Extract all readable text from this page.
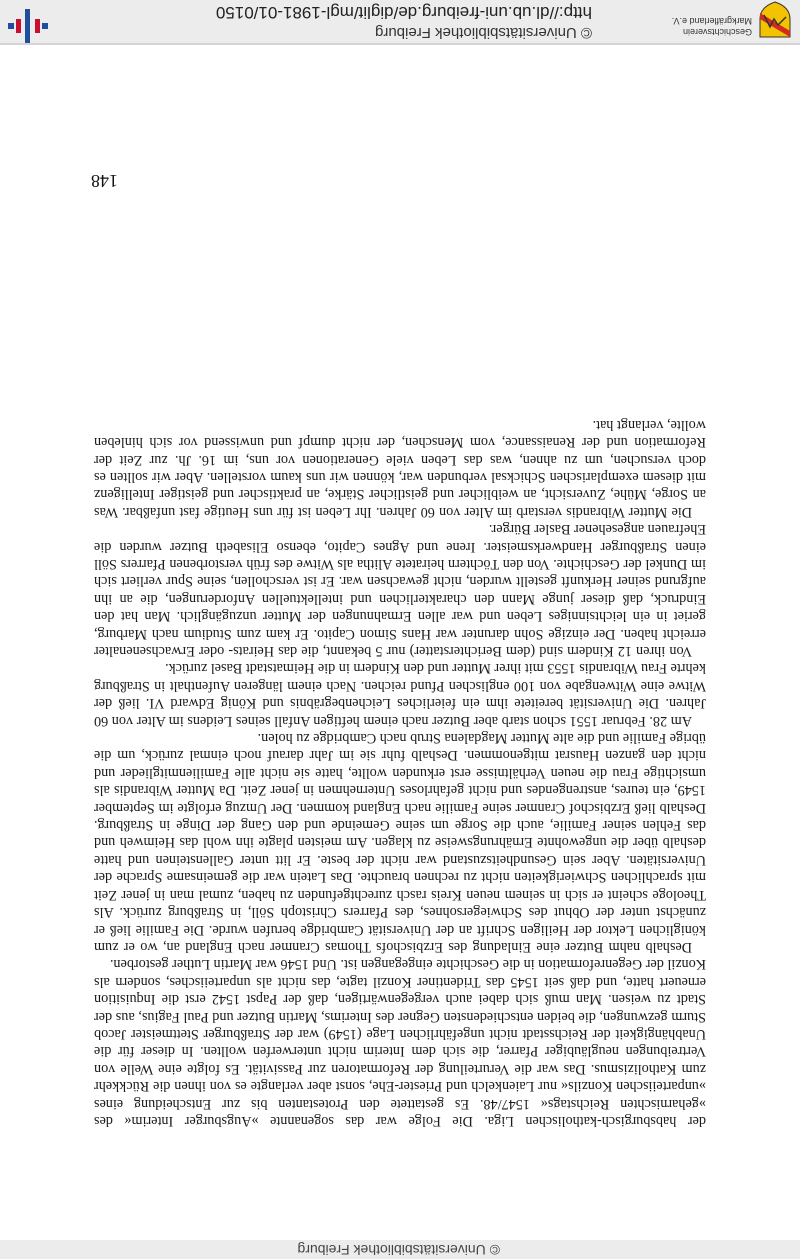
Geschichtsverein
Markgräflerland e.V.
© Universitätsbibliothek Freiburg
http://dl.ub.uni-freiburg.de/diglit/mgl-1981-01/0150
© Universitätsbibliothek Freiburg

der habsburgisch-katholischen Liga. Die Folge war das sogenannte »Augsburger Interim« des »geharnischten Reichstags« 1547/48. Es gestattete den Protestanten bis zur Entscheidung eines »unparteiischen Konzils« nur Laienkelch und Priester-Ehe, sonst aber verlangte es von ihnen die Rückkehr zum Katholizismus. Das war die Verurteilung der Reformatoren zur Passivität. Es folgte eine Welle von Vertreibungen neugläubiger Pfarrer, die sich dem Interim nicht unterwerfen wollten. In dieser für die Unabhängigkeit der Reichsstadt nicht ungefährlichen Lage (1549) war der Straßburger Stettmeister Jacob Sturm gezwungen, die beiden entschiedensten Gegner des Interims, Martin Butzer und Paul Fagius, aus der Stadt zu weisen. Man muß sich dabei auch vergegenwärtigen, daß der Papst 1542 erst die Inquisition erneuert hatte, und daß seit 1545 das Tridentiner Konzil tagte, das nicht als unparteiisches, sondern als Konzil der Gegenreformation in die Geschichte eingegangen ist. Und 1546 war Martin Luther gestorben.

Deshalb nahm Butzer eine Einladung des Erzbischofs Thomas Cranmer nach England an, wo er zum königlichen Lektor der Heiligen Schrift an der Universität Cambridge berufen wurde. Die Familie ließ er zunächst unter der Obhut des Schwiegersohnes, des Pfarrers Christoph Söll, in Straßburg zurück. Als Theologe scheint er sich in seinem neuen Kreis rasch zurechtgefunden zu haben, zumal man in jener Zeit mit sprachlichen Schwierigkeiten nicht zu rechnen brauchte. Das Latein war die gemeinsame Sprache der Universitäten. Aber sein Gesundheitszustand war nicht der beste. Er litt unter Gallensteinen und hatte deshalb über die ungewohnte Ernährungsweise zu klagen. Am meisten plagte ihn wohl das Heimweh und das Fehlen seiner Familie, auch die Sorge um seine Gemeinde und den Gang der Dinge in Straßburg. Deshalb ließ Erzbischof Cranmer seine Familie nach England kommen. Der Umzug erfolgte im September 1549, ein teures, anstrengendes und nicht gefahrloses Unternehmen in jener Zeit. Da Mutter Wibrandis als umsichtige Frau die neuen Verhältnisse erst erkunden wollte, hatte sie nicht alle Familienmitglieder und nicht den ganzen Hausrat mitgenommen. Deshalb fuhr sie im Jahr darauf noch einmal zurück, um die übrige Familie und die alte Mutter Magdalena Strub nach Cambridge zu holen.

Am 28. Februar 1551 schon starb aber Butzer nach einem heftigen Anfall seines Leidens im Alter von 60 Jahren. Die Universität bereitete ihm ein feierliches Leichenbegräbnis und König Edward VI. ließ der Witwe eine Witwengabe von 100 englischen Pfund reichen. Nach einem längeren Aufenthalt in Straßburg kehrte Frau Wibrandis 1553 mit ihrer Mutter und den Kindern in die Heimatstadt Basel zurück.

Von ihren 12 Kindern sind (dem Berichterstatter) nur 5 bekannt, die das Heirats- oder Erwachsenenalter erreicht haben. Der einzige Sohn darunter war Hans Simon Capito. Er kam zum Studium nach Marburg, geriet in ein leichtsinniges Leben und war allen Ermahnungen der Mutter unzugänglich. Man hat den Eindruck, daß dieser junge Mann den charakterlichen und intellektuellen Anforderungen, die an ihn aufgrund seiner Herkunft gestellt wurden, nicht gewachsen war. Er ist verschollen, seine Spur verliert sich im Dunkel der Geschichte. Von den Töchtern heiratete Alitha als Witwe des früh verstorbenen Pfarrers Söll einen Straßburger Handwerksmeister. Irene und Agnes Capito, ebenso Elisabeth Butzer wurden die Ehefrauen angesehener Basler Bürger.

Die Mutter Wibrandis verstarb im Alter von 60 Jahren. Ihr Leben ist für uns Heutige fast unfaßbar. Was an Sorge, Mühe, Zuversicht, an weiblicher und geistlicher Stärke, an praktischer und geistiger Intelligenz mit diesem exemplarischen Schicksal verbunden war, können wir uns kaum vorstellen. Aber wir sollten es doch versuchen, um zu ahnen, was das Leben viele Generationen vor uns, im 16. Jh. zur Zeit der Reformation und der Renaissance, vom Menschen, der nicht dumpf und unwissend vor sich hinleben wollte, verlangt hat.

148
